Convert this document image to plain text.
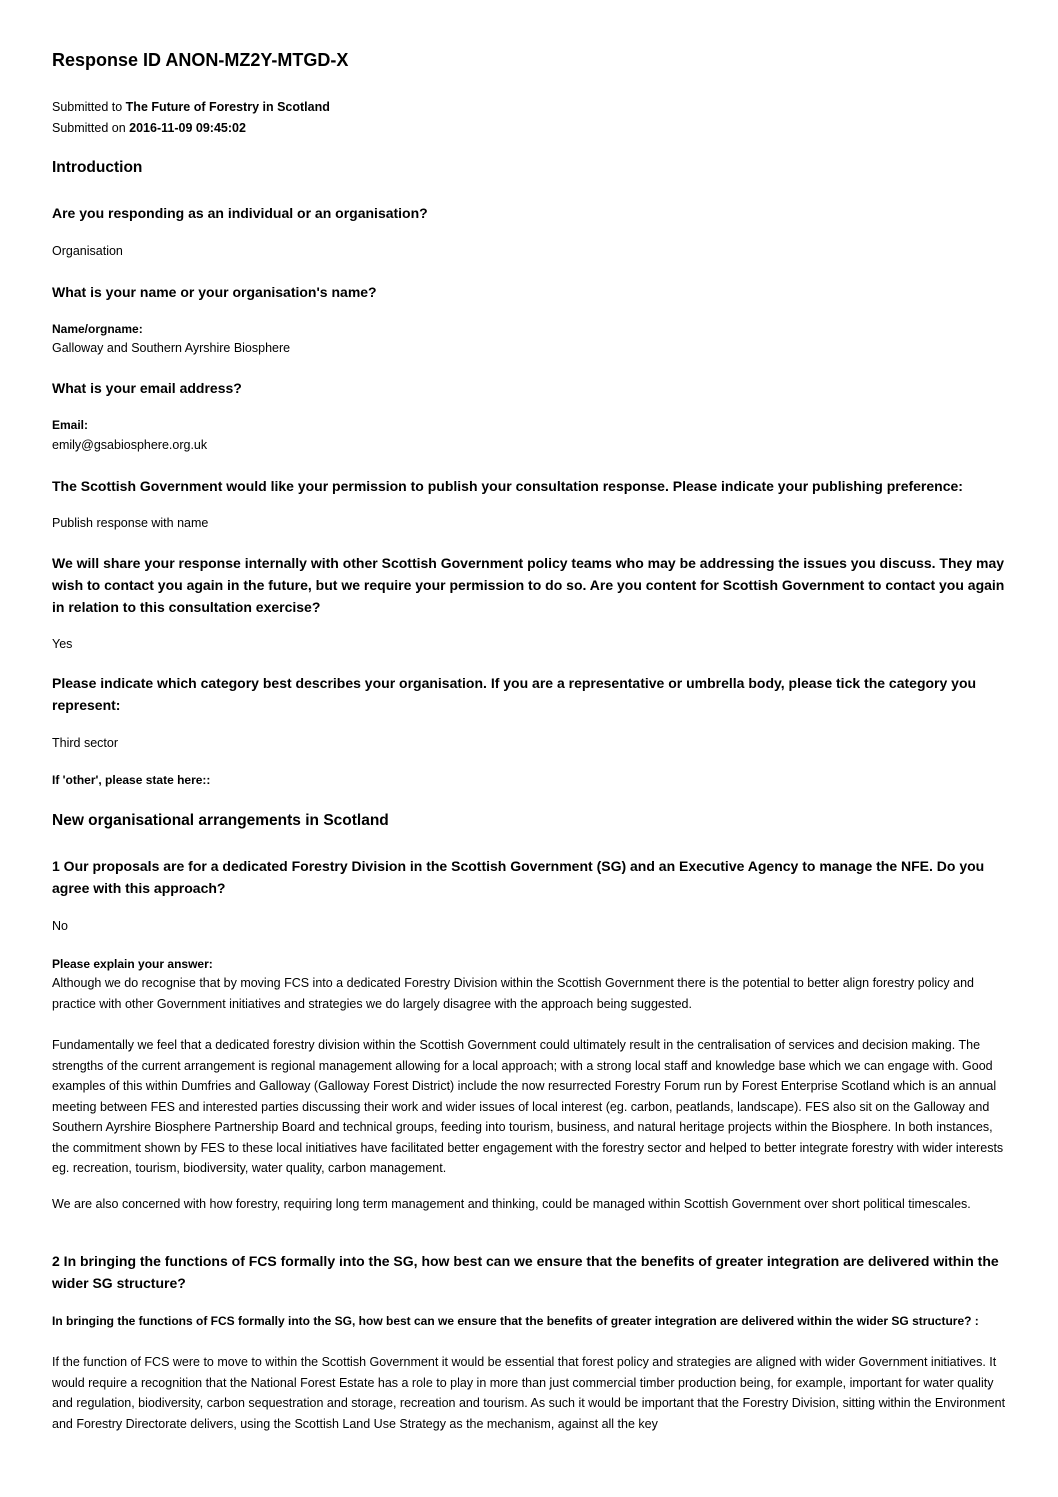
Response ID ANON-MZ2Y-MTGD-X
Submitted to The Future of Forestry in Scotland
Submitted on 2016-11-09 09:45:02
Introduction
Are you responding as an individual or an organisation?
Organisation
What is your name or your organisation's name?
Name/orgname:
Galloway and Southern Ayrshire Biosphere
What is your email address?
Email:
emily@gsabiosphere.org.uk
The Scottish Government would like your permission to publish your consultation response. Please indicate your publishing preference:
Publish response with name
We will share your response internally with other Scottish Government policy teams who may be addressing the issues you discuss. They may wish to contact you again in the future, but we require your permission to do so. Are you content for Scottish Government to contact you again in relation to this consultation exercise?
Yes
Please indicate which category best describes your organisation. If you are a representative or umbrella body, please tick the category you represent:
Third sector
If 'other', please state here::
New organisational arrangements in Scotland
1 Our proposals are for a dedicated Forestry Division in the Scottish Government (SG) and an Executive Agency to manage the NFE. Do you agree with this approach?
No
Please explain your answer:
Although we do recognise that by moving FCS into a dedicated Forestry Division within the Scottish Government there is the potential to better align forestry policy and practice with other Government initiatives and strategies we do largely disagree with the approach being suggested.
Fundamentally we feel that a dedicated forestry division within the Scottish Government could ultimately result in the centralisation of services and decision making. The strengths of the current arrangement is regional management allowing for a local approach; with a strong local staff and knowledge base which we can engage with. Good examples of this within Dumfries and Galloway (Galloway Forest District) include the now resurrected Forestry Forum run by Forest Enterprise Scotland which is an annual meeting between FES and interested parties discussing their work and wider issues of local interest (eg. carbon, peatlands, landscape). FES also sit on the Galloway and Southern Ayrshire Biosphere Partnership Board and technical groups, feeding into tourism, business, and natural heritage projects within the Biosphere. In both instances, the commitment shown by FES to these local initiatives have facilitated better engagement with the forestry sector and helped to better integrate forestry with wider interests eg. recreation, tourism, biodiversity, water quality, carbon management.
We are also concerned with how forestry, requiring long term management and thinking, could be managed within Scottish Government over short political timescales.
2 In bringing the functions of FCS formally into the SG, how best can we ensure that the benefits of greater integration are delivered within the wider SG structure?
In bringing the functions of FCS formally into the SG, how best can we ensure that the benefits of greater integration are delivered within the wider SG structure? :
If the function of FCS were to move to within the Scottish Government it would be essential that forest policy and strategies are aligned with wider Government initiatives. It would require a recognition that the National Forest Estate has a role to play in more than just commercial timber production being, for example, important for water quality and regulation, biodiversity, carbon sequestration and storage, recreation and tourism. As such it would be important that the Forestry Division, sitting within the Environment and Forestry Directorate delivers, using the Scottish Land Use Strategy as the mechanism, against all the key
